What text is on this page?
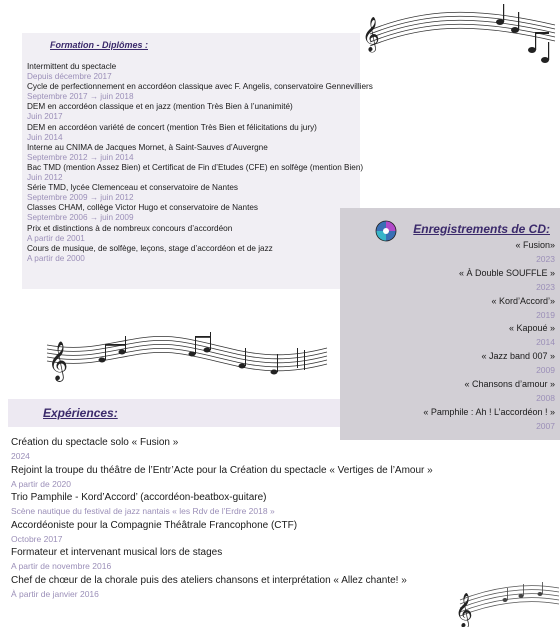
𝄞
Formation - Diplômes :
Intermittent du spectacle
Depuis décembre 2017
Cycle de perfectionnement en accordéon classique avec F. Angelis, conservatoire Gennevilliers
Septembre 2017 → juin 2018
DEM en accordéon classique et en jazz (mention Très Bien à l’unanimité)
Juin 2017
DEM en accordéon variété de concert (mention Très Bien et félicitations du jury)
Juin 2014
Interne au CNIMA de Jacques Mornet, à Saint-Sauves d’Auvergne
Septembre 2012 → juin 2014
Bac TMD (mention Assez Bien) et Certificat de Fin d’Etudes (CFE) en solfège (mention Bien)
Juin 2012
Série TMD, lycée Clemenceau et conservatoire de Nantes
Septembre 2009 → juin 2012
Classes CHAM, collège Victor Hugo et conservatoire de Nantes
Septembre 2006 → juin 2009
Prix et distinctions à de nombreux concours d’accordéon
A partir de 2001
Cours de musique, de solfège, leçons, stage d’accordéon et de jazz
A partir de 2000
Enregistrements de CD:
« Fusion»
2023
« À Double SOUFFLE »
2023
« Kord’Accord’»
2019
« Kapoué »
2014
« Jazz band 007 »
2009
« Chansons d’amour »
2008
« Pamphile : Ah ! L’accordéon ! »
2007
𝄞
Expériences:
Création du spectacle solo « Fusion »
2024
Rejoint la troupe du théâtre de l’Entr’Acte pour la Création du spectacle « Vertiges de l’Amour »
A partir de 2020
Trio Pamphile - Kord’Accord’ (accordéon-beatbox-guitare)
Scène nautique du festival de jazz nantais « les Rdv de l’Erdre 2018 »
Accordéoniste pour la Compagnie Théâtrale Francophone (CTF)
Octobre 2017
Formateur et intervenant musical lors de stages
A partir de novembre 2016
Chef de chœur de la chorale puis des ateliers chansons et interprétation « Allez chante! »
À partir de janvier 2016	𝄞
